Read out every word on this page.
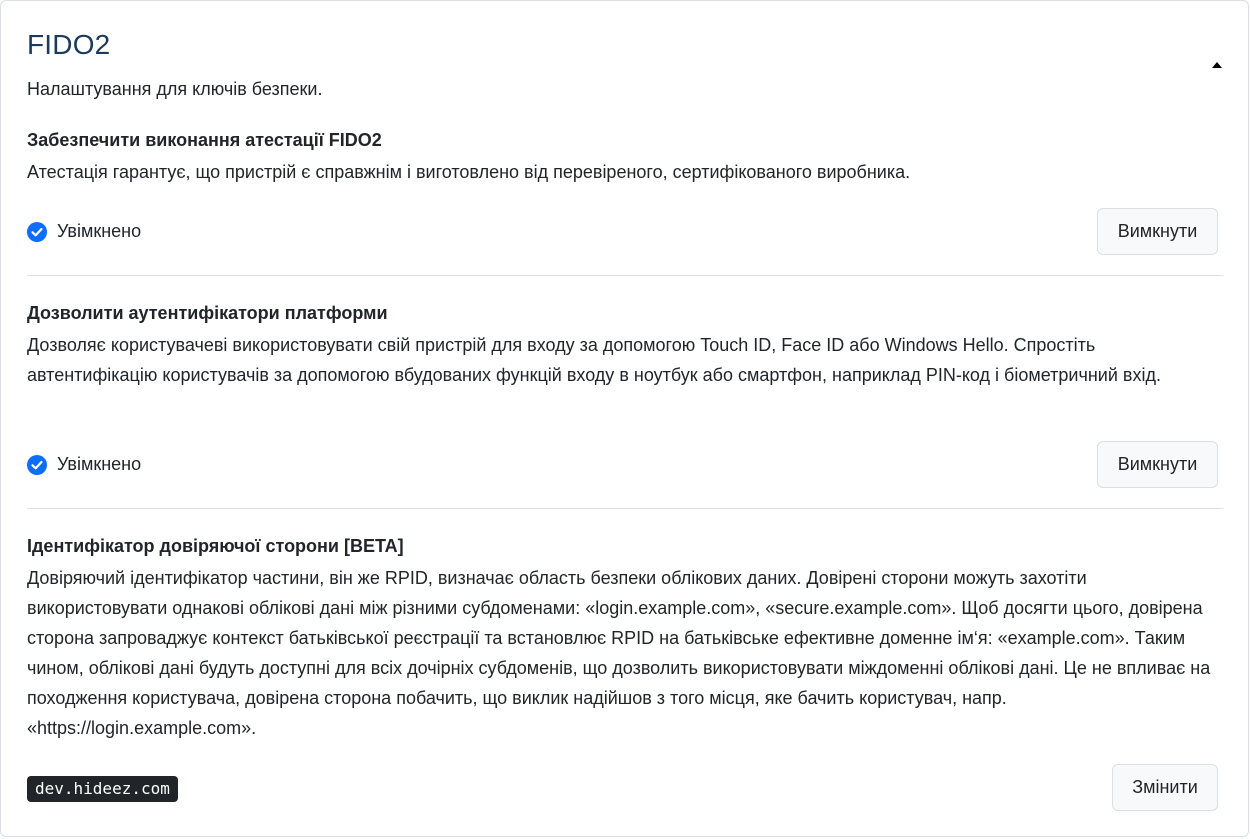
FIDO2
Налаштування для ключів безпеки.
Забезпечити виконання атестації FIDO2
Атестація гарантує, що пристрій є справжнім і виготовлено від перевіреного, сертифікованого виробника.
Увімкнено	Вимкнути
Дозволити аутентифікатори платформи
Дозволяє користувачеві використовувати свій пристрій для входу за допомогою Touch ID, Face ID або Windows Hello. Спростіть автентифікацію користувачів за допомогою вбудованих функцій входу в ноутбук або смартфон, наприклад PIN-код і біометричний вхід.
Увімкнено	Вимкнути
Ідентифікатор довіряючої сторони [BETA]
Довіряючий ідентифікатор частини, він же RPID, визначає область безпеки облікових даних. Довірені сторони можуть захотіти використовувати однакові облікові дані між різними субдоменами: «login.example.com», «secure.example.com». Щоб досягти цього, довірена сторона запроваджує контекст батьківської реєстрації та встановлює RPID на батьківське ефективне доменне ім‘я: «example.com». Таким чином, облікові дані будуть доступні для всіх дочірніх субдоменів, що дозволить використовувати міждоменні облікові дані. Це не впливає на походження користувача, довірена сторона побачить, що виклик надійшов з того місця, яке бачить користувач, напр. «https://login.example.com».
dev.hideez.com	Змінити
